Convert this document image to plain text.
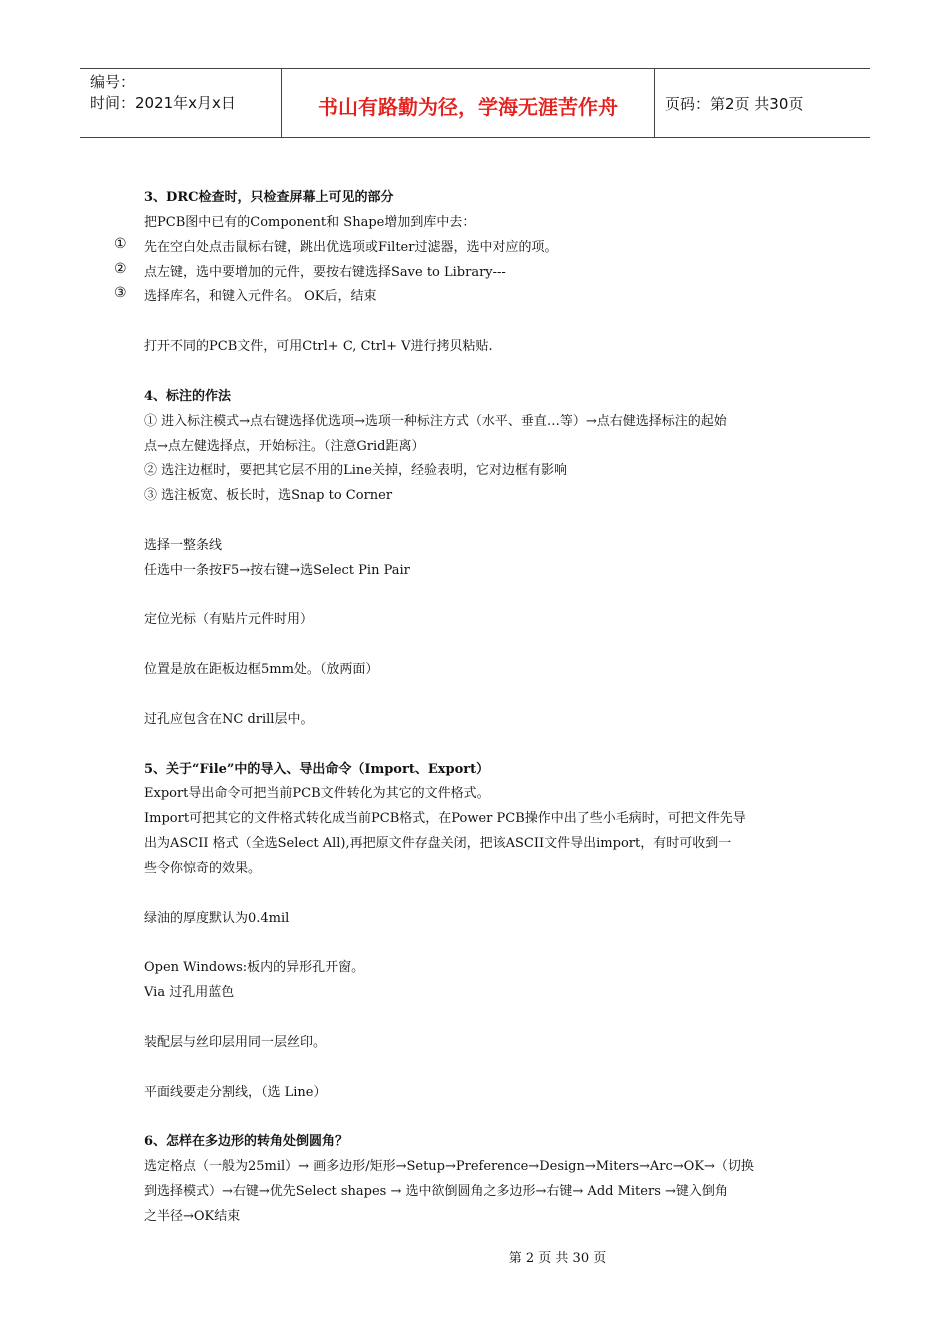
编号：
时间：2021年x月x日	书山有路勤为径，学海无涯苦作舟	页码：第2页 共30页
3、DRC检查时，只检查屏幕上可见的部分
把PCB图中已有的Component和 Shape增加到库中去：
先在空白处点击鼠标右键，跳出优选项或Filter过滤器，选中对应的项。
①
点左键，选中要增加的元件，要按右键选择Save to Library---
②
选择库名，和键入元件名。 OK后，结束
③
打开不同的PCB文件，可用Ctrl+ C, Ctrl+ V进行拷贝粘贴.
4、标注的作法
① 进入标注模式→点右键选择优选项→选项一种标注方式（水平、垂直…等）→点右健选择标注的起始
点→点左健选择点，开始标注。（注意Grid距离）
② 选注边框时，要把其它层不用的Line关掉，经验表明，它对边框有影响
③ 选注板宽、板长时，选Snap to Corner
选择一整条线
任选中一条按F5→按右键→选Select Pin Pair
定位光标（有贴片元件时用）
位置是放在距板边框5mm处。（放两面）
过孔应包含在NC drill层中。
5、关于“File”中的导入、导出命令（Import、Export）
Export导出命令可把当前PCB文件转化为其它的文件格式。
Import可把其它的文件格式转化成当前PCB格式，在Power PCB操作中出了些小毛病时，可把文件先导
出为ASCII 格式（全选Select All),再把原文件存盘关闭，把该ASCII文件导出import，有时可收到一
些令你惊奇的效果。
绿油的厚度默认为0.4mil
Open Windows:板内的异形孔开窗。
Via 过孔用蓝色
装配层与丝印层用同一层丝印。
平面线要走分割线，（选 Line）
6、怎样在多边形的转角处倒圆角？
选定格点（一般为25mil）→ 画多边形/矩形→Setup→Preference→Design→Miters→Arc→OK→（切换
到选择模式）→右键→优先Select shapes → 选中欲倒圆角之多边形→右键→ Add Miters →键入倒角
之半径→OK结束
第 2 页 共 30 页
